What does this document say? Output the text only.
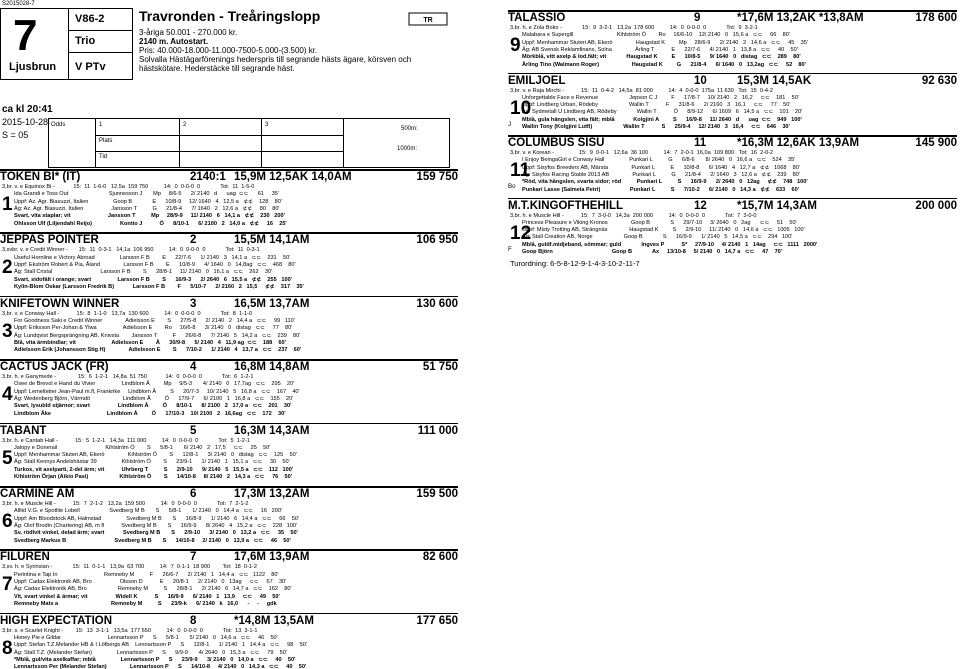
S2015028-7
7
Ljusbrun
V86-2
Trio
V PTv
Travronden - Treåringslopp	TR
3-åriga 50.001 - 270.000 kr.
2140 m. Autostart.
Pris: 40.000-18.000-11.000-7500-5.000-(3.500) kr.
Solvalla Hästägarförenings hederspris till segrande hästs ägare, körsven och
hästskötare. Hederstäcke till segrande häst.
ca kl 20:41
2015-10-28
S = 05
Odds	1	2	3
Plats
Tid
500m:
1000m:
TOKEN BI* (IT)	2140:1 15,9M 12,5AK 14,0AM	159 750
1
3,br. v. e Equinox Bi -            15:  11  1-6-0   12,5a  159 750          14:  0  0-0-0  0             Tot:  11  1-5-0
Ida Grandi e Toss Out                          Sjunnesson J       Mp     8/6-5      2/ 2140   d      uag  ⊂⊂      61     35'
Uppf: Az. Agr. Biasuzzi, Italien                Goop B             E      10/8-9     12/ 1640   4   12,5 a   ⊄⊄    128    80'
Äg: Az. Agr. Biasuzzi, Italien                  Jansson T          G      21/8-4      7/ 1640   2   12,6 a   ⊄⊄     80    80'
Svart, vita staplar; vit                        Jansson T          Mp     28/9-9     11/ 2140   6   14,1 a   ⊄⊄    230   200'
Ohlsson Ulf (Liljendahl Reijo)                  Kontio J           Ö      8/10-1      6/ 2100   2   14,0 a   ⊄⊄     16    25'
JEPPAS POINTER	2	15,5M 14,1AM	106 950
2
3,svbr. v. e Credit Winner -       15:  11  0-3-1   14,1a  106 950          14:  0  0-0-0  0             Tot:  11  0-3-1
Useful Hornline e Victory Abroad                Larsson F B        E      22/7-6      1/ 2140   3   14,1 a   ⊂⊂    231    50'
Uppf: Ekström Robert & Pia, Åland               Larsson F B        E      10/8-9      4/ 1640   0   14,8ag   ⊂⊂    468    80'
Äg: Stall Cristal                               Larsson F B        S      28/8-1     11/ 2140   0   16,1 a   ⊂⊂    262    30'
Svart, sidofält i orange; svart                 Larsson F B        S      16/9-3      2/ 2640   6   15,5 a   ⊄⊄    255   100'
Kylin-Blom Oskar (Larsson Fredrik B)            Larsson F B        F      5/10-7      2/ 2160   2   15,5     ⊄⊄    317    35'
KNIFETOWN WINNER	3	16,5M 13,7AM	130 600
3
3,br. v. e Conway Hall -           15:  8  1-1-0   13,7a  130 600          14:  0  0-0-0  0             Tot:  8  1-1-0
For Goodness Saki e Credit Winner               Adielsson E        S      27/5-8      2/ 2140   2   14,4 a   ⊂⊂     99   110'
Uppf: Eriksson Per-Johan & Ylwa                 Adielsson E        Ro     16/6-8      3/ 2140   0   distag   ⊂⊂     77    80'
Äg: Lundqvist Bergsprängning AB, Knivsta        Jansson T          F      26/6-8      7/ 2140   5   14,2 a   ⊂⊂    239    80'
Blå, vita ärmbindlar; vit                       Adielsson E        Å      30/9-8      5/ 2140   4   11,9 ag  ⊂⊂    188    60'
Adielsson Erik (Johansson Stig H)               Adielsson E        S      7/10-2      1/ 2140   4   13,7 a   ⊂⊂    237    60'
CACTUS JACK (FR)	4	16,8M 14,8AM	51 750
4
3,br. h. e Ganymede -              15:  6  1-2-1   14,8a  51 750            14:  0  0-0-0  0             Tot:  6  1-2-1
Osee de Brevol e Hand du Vivier                 Lindblom Å         Mp     9/5-3       4/ 2140   0   17,7ag   ⊂⊂    295    20'
Uppf: Lemeltetier Jean-Paul m.fl, Frankrike     Lindblom Å         S      20/7-3     10/ 2140   5   16,8 a   ⊂⊂    167    40'
Äg: Wedenberg Björn, Värmdö                     Lindblom Å         Ö      17/9-7      6/ 2100   1   16,8 a   ⊂⊂    155    20'
Svart, lysubld stjärnor; svart                  Lindblom Å         Ö      8/10-1      8/ 2100   2   17,0 a   ⊂⊂    201    30'
Lindblom Åke                                    Lindblom Å         Ö      17/10-3    10/ 2100   2   16,6ag   ⊂⊂    172    30'
TABANT	5	16,3M 14,3AM	111 000
5
3,br. h. e Cantab Hall -           15:  5  1-2-1   14,3a  111 000          14:  0  0-0-0  0             Tot:  5  1-2-1
Jalopy e Donerail                               Kihlström Ö        S      5/8-1       6/ 2140   2   17,5     ⊂⊂     25    50'
Uppf: Menhammar Stuteri AB, Ekerö               Kihlström Ö        S      12/8-1      3/ 2140   0   distag   ⊂⊂    125    50'
Äg: Stall Kennys Andelshästar 39                Kihlström Ö        S      23/9-1      1/ 2140   1   15,1 a   ⊂⊂     30    50'
Turkos, vit axelparti, 2-del ärm; vit           Uhrberg T          S      2/9-10      9/ 2140   5   15,5 a   ⊂⊂    112   100'
Kihlström Örjan (Aikio Pasi)                    Kihlström Ö        S      14/10-8     8/ 2140   2   14,3 a   ⊂⊂     76    50'
CARMINE AM	6	17,3M 13,2AM	159 500
6
3,br. h. e Muscle Hill -           15:  7  2-1-2   13,2a  159 500          14:  0  0-0-0  0             Tot:  7  2-1-2
Alltid V.G. e Spotlite Lobell                   Svedberg M B       S      5/8-1       1/ 2140   0   14,4 a   ⊂⊂     16   200'
Uppf: Am Bloodstock AB, Halmstad                Svedberg M B       S      16/8-9      1/ 2140   6   14,4 a   ⊂⊂     66    50'
Äg: Olof Brodin (Chartering) AB, m fl           Svedberg M B       S      16/9-9      8/ 2640   4   15,2 a   ⊂⊂    228   100'
Sv, rödlvit vinkel, delad ärm; svart            Svedberg M B       S      2/9-10      3/ 2140   0   13,2 a   ⊂⊂     35    50'
Svedberg Markus B                               Svedberg M B       S      14/10-8     2/ 2140   0   13,9 a   ⊂⊂     46    50'
FILUREN	7	17,6M 13,9AM	82 600
7
3,sv. h. e Syrinxian -             15:  11  0-1-1   13,9a  63 700          14:  7  0-1-1  18 900        Tot:  18  0-1-2
Perintina e Tap In                              Remneby M          F      26/6-7      2/ 2140   1   14,4 a   ⊂⊂   1122    80'
Uppf: Cadax Elektronik AB, Bro                  Olsson D           E      20/8-1      2/ 2140   0   13ag     ⊂⊂     67    30'
Äg: Cadax Elektronik AB, Bro                    Remneby M          S      28/8-1      2/ 2140   6   14,7 a   ⊂⊂    162    80'
Vit, svart vinkel & ärmar; vit                  Widell K           S      16/9-9      6/ 2140   1   13,9     ⊂⊂     49    50'
Remneby Mats a                                  Remneby M          S      23/9-k      6/ 2140   k   16,0      -     -     gdk
HIGH EXPECTATION	8	*14,8M 13,5AM	177 650
8
3,br. s. e Scarlet Knight -        15:  13  3-1-1   13,5a  177 650          14:  0  0-0-0  0             Tot:  13  3-1-1
Honey Pie e Gildar                              Lennartsson P      S      5/8-1       5/ 2140   0   14,6 a   ⊂⊂     46    50'
Uppf: Stefan T.Z.Melander HB & I Löfbergs AB    Lennartsson P      S      12/8-1      1/ 2140   1   14,4 a   ⊂⊂     98    50'
Äg: Stall T.Z. (Melander Stefan)                Lennartsson P      S      9/9-9       4/ 2640   0   15,3 a   ⊂⊂     79    50'
*Mblå, gul/vita axelkaffar; mblå                Lennartsson P      S      23/9-9      3/ 2140   0   14,0 a   ⊂⊂     40    50'
Lennartsson Per (Melander Stefan)               Lennartsson P      S      14/10-8     4/ 2140   0   14,3 a   ⊂⊂     40    50'
TALASSIO	9	*17,6M 13,2AK *13,8AM	178 600
9
3,br. h. e Zola Boko -             15:  9  3-2-1   13,2a  178 600          14:  0  0-0-0  0             Tot:  9  3-2-1
Malabara e Supergill                            Kihlström Ö        Ro     16/6-10    12/ 2140   0   15,6 a   ⊂⊂     66    80'
Uppf: Menhammar Stuteri AB, Ekerö               Haugstad K         Mp     28/6-9      2/ 2140   2   14,6 a   ⊂⊂     45    35'
Äg: AB Svensk Reklamfinans, Solna               Ärling T           E      22/7-6      4/ 2140   1   13,8 a   ⊂⊂     40    50'
Mörkblå, vitt axelp & lod.fält; vit             Haugstad K         E      10/8-5      9/ 1640   0   distag   ⊂⊂    289    80'
Ärling Tino (Walmann Roger)                     Haugstad K         G      21/8-4      6/ 1640   0   13,2ag   ⊂⊂     52    80'
EMILJOEL	10	15,3M 14,5AK	92 630
10
J
3,br. v. e Raja Mirchi -           15:  11  0-4-2   14,5a  81 000          14:  4  0-0-0  175a  11 630   Tot:  15  0-4-2
Unforgettable Face e Revenue                    Jepson C J         F      17/8-7     10/ 2140   2   16,2     ⊂⊂    181    50'
Uppf: Lindberg Urban, Rödeby                    Wallin T           F      31/8-6      2/ 2160   3   16,1     ⊂⊂     77    50'
Äg: Sydmetall U Lindberg AB, Rödeby             Wallin T           Ö      8/9-12      6/ 1609   6   14,5 a   ⊂⊂    101    20'
Mblå, gula hängslen, vita fält; mblå            Kolgjini A         S      16/9-8     11/ 2640   d      uag  ⊂⊂    949   100'
Wallin Tony (Kolgjini Lutfi)                    Wallin T           S      25/9-4     12/ 2140   3   16,4     ⊂⊂    646    30'
COLUMBUS SISU	11	*16,3M 12,6AK 13,9AM	145 900
11
Bo
3,br. v. e Korean -                15:  9  0-0-1   12,6a  36 100          14:  7  2-0-1  16,0a  109 800   Tot:  16  2-0-2
I Enjoy BeingaGirl e Conway Hall                Punkari L          G      6/8-6       8/ 2640   0   16,6 a   ⊂⊂    524    35'
Uppf: Sisyfos Breeders AB, Märsta               Punkari L          E      10/8-8      6/ 1640   4   12,7 a   ⊄⊄   1068    80'
Äg: Sisyfos Racing Stable 2013 AB               Punkari L          G      21/8-4      2/ 1640   3   12,6 a   ⊄⊄    239    80'
*Röd, vita hängslen, svarta sidor; röd          Punkari L          S      16/9-9      2/ 2640   0   12ag     ⊄⊄    748   100'
Punkari Lasse (Salmela Petri)                   Punkari L          S      7/10-2      6/ 2140   0   14,3 a   ⊄⊄    633    60'
M.T.KINGOFTHEHILL	12	*15,7M 14,3AM	200 000
12
F
3,br. h. e Muscle Hill -           15:  7  3-0-0   14,3a  200 000          14:  0  0-0-0  0             Tot:  7  3-0-0
Princess Pleasure e Viking Kronos               Goop B             S      29/7-10     3/ 2640   0   2ag      ⊂⊂     51    50'
Uppf: Misty Trotting AB, Strängnäs              Haugstad K         S      2/9-10     11/ 2140   0   14,6 a   ⊂⊂   1005   100'
Äg: Stall Creation AB, Norge                    Goop B             S      16/9-9      1/ 2140   5   14,5 a   ⊂⊂    294   100'
Mblå, guldf.midjeband, sömmar; guld             Ingves P           S*     27/9-10     4/ 2140   1   14ag     ⊂⊂   1111   2000'
Goop Björn                                      Goop B             Ax     13/10-8     5/ 2140   0   14,7 a   ⊂⊂     47    70'
Turordning: 6-5-8-12-9-1-4-3-10-2-11-7
